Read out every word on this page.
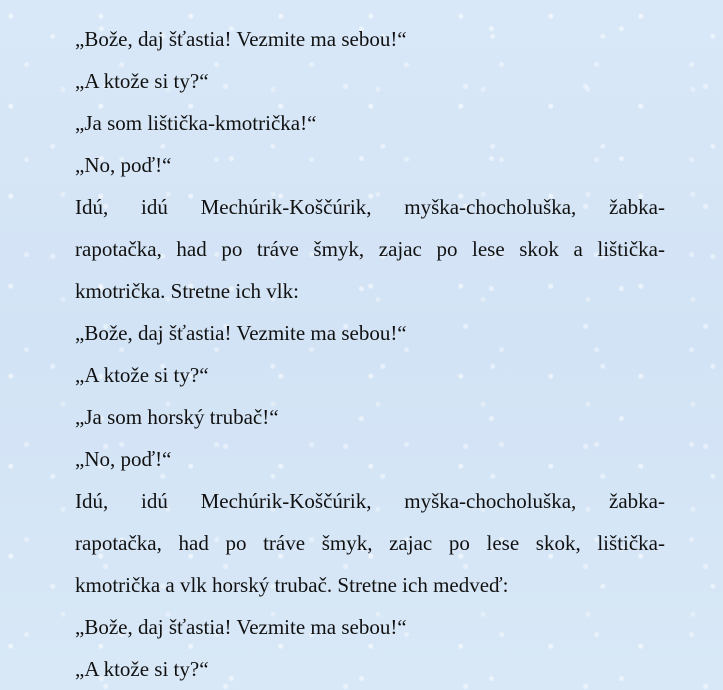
„Bože, daj šťastia! Vezmite ma sebou!“

„A ktože si ty?“

„Ja som lištička-kmotrička!“

„No, poď!“

Idú, idú Mechúrik-Koščúrik, myška-chocholuška, žabka-

rapotačka, had po tráve šmyk, zajac po lese skok a lištička-

kmotrička. Stretne ich vlk:

„Bože, daj šťastia! Vezmite ma sebou!“

„A ktože si ty?“

„Ja som horský trubač!“

„No, poď!“

Idú, idú Mechúrik-Koščúrik, myška-chocholuška, žabka-

rapotačka, had po tráve šmyk, zajac po lese skok, lištička-

kmotrička a vlk horský trubač. Stretne ich medveď:

„Bože, daj šťastia! Vezmite ma sebou!“

„A ktože si ty?“
